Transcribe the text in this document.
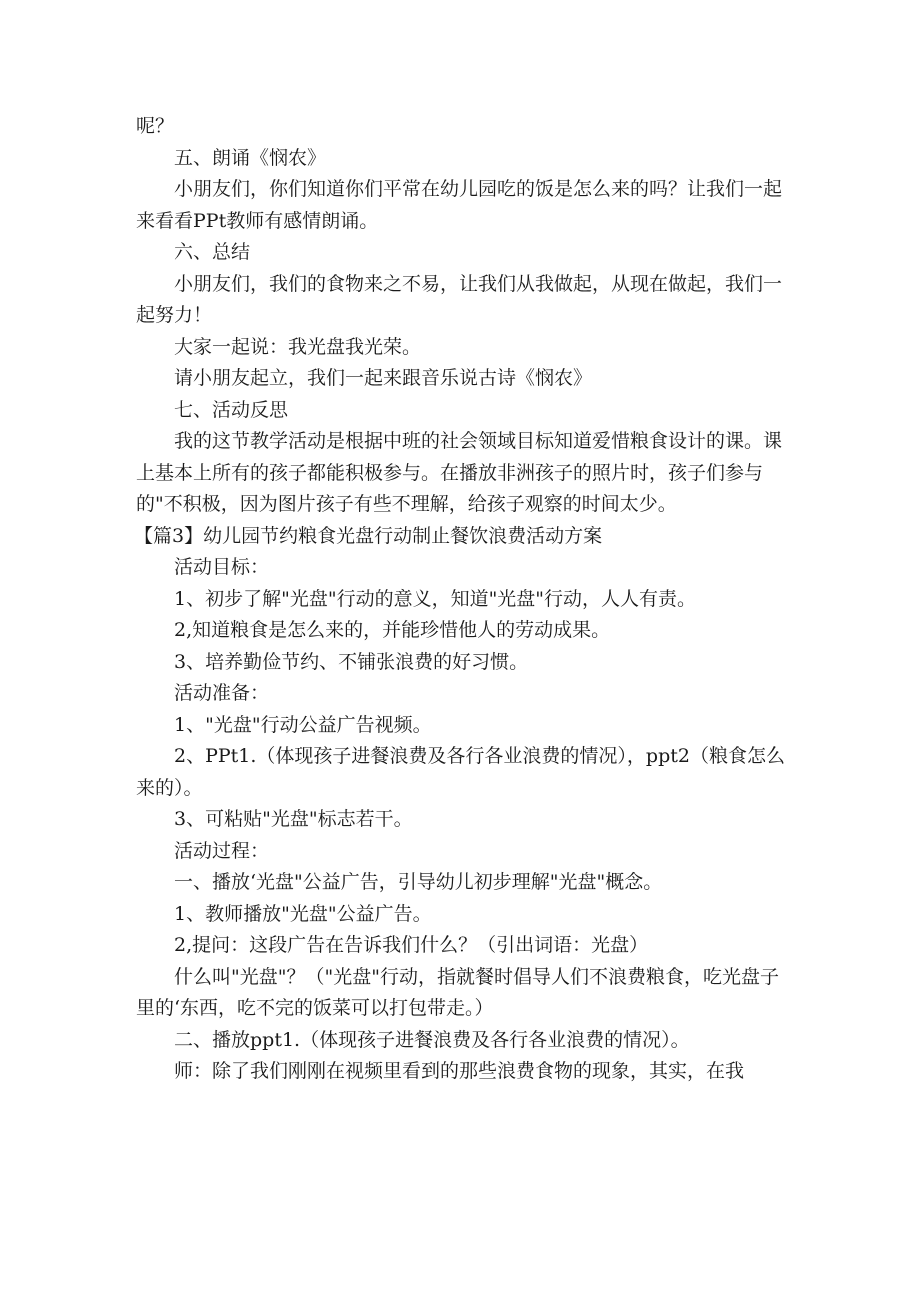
呢？

五、朗诵《悯农》

小朋友们，你们知道你们平常在幼儿园吃的饭是怎么来的吗？让我们一起来看看PPt教师有感情朗诵。

六、总结

小朋友们，我们的食物来之不易，让我们从我做起，从现在做起，我们一起努力！

大家一起说：我光盘我光荣。

请小朋友起立，我们一起来跟音乐说古诗《悯农》

七、活动反思

我的这节教学活动是根据中班的社会领域目标知道爱惜粮食设计的课。课上基本上所有的孩子都能积极参与。在播放非洲孩子的照片时，孩子们参与的"不积极，因为图片孩子有些不理解，给孩子观察的时间太少。

【篇3】幼儿园节约粮食光盘行动制止餐饮浪费活动方案

活动目标：

1、初步了解"光盘"行动的意义，知道"光盘"行动，人人有责。

2,知道粮食是怎么来的，并能珍惜他人的劳动成果。

3、培养勤俭节约、不铺张浪费的好习惯。

活动准备：

1、"光盘"行动公益广告视频。

2、PPt1.（体现孩子进餐浪费及各行各业浪费的情况），ppt2（粮食怎么来的）。

3、可粘贴"光盘"标志若干。

活动过程：

一、播放‘光盘"公益广告，引导幼儿初步理解"光盘"概念。

1、教师播放"光盘"公益广告。

2,提问：这段广告在告诉我们什么？（引出词语：光盘）

什么叫"光盘"？（"光盘"行动，指就餐时倡导人们不浪费粮食，吃光盘子里的‘东西，吃不完的饭菜可以打包带走。）

二、播放ppt1.（体现孩子进餐浪费及各行各业浪费的情况）。

师：除了我们刚刚在视频里看到的那些浪费食物的现象，其实，在我
